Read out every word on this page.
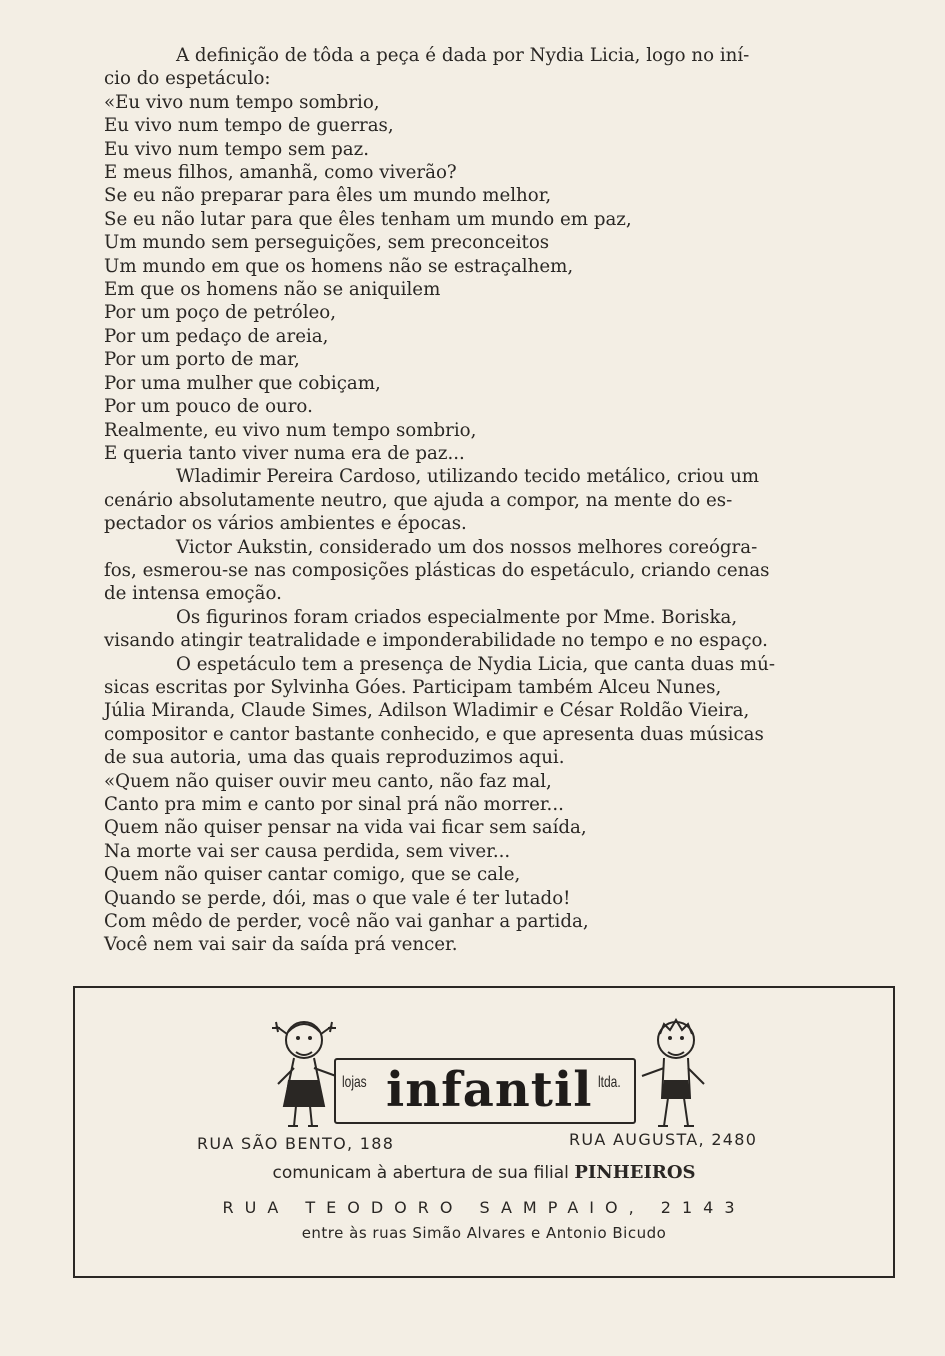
A definição de tôda a peça é dada por Nydia Licia, logo no iní-
cio do espetáculo:
«Eu vivo num tempo sombrio,
Eu vivo num tempo de guerras,
Eu vivo num tempo sem paz.
E meus filhos, amanhã, como viverão?
Se eu não preparar para êles um mundo melhor,
Se eu não lutar para que êles tenham um mundo em paz,
Um mundo sem perseguições, sem preconceitos
Um mundo em que os homens não se estraçalhem,
Em que os homens não se aniquilem
Por um poço de petróleo,
Por um pedaço de areia,
Por um porto de mar,
Por uma mulher que cobiçam,
Por um pouco de ouro.
Realmente, eu vivo num tempo sombrio,
E queria tanto viver numa era de paz...
Wladimir Pereira Cardoso, utilizando tecido metálico, criou um
cenário absolutamente neutro, que ajuda a compor, na mente do es-
pectador os vários ambientes e épocas.
Victor Aukstin, considerado um dos nossos melhores coreógra-
fos, esmerou-se nas composições plásticas do espetáculo, criando cenas
de intensa emoção.
Os figurinos foram criados especialmente por Mme. Boriska,
visando atingir teatralidade e imponderabilidade no tempo e no espaço.
O espetáculo tem a presença de Nydia Licia, que canta duas mú-
sicas escritas por Sylvinha Góes. Participam também Alceu Nunes,
Júlia Miranda, Claude Simes, Adilson Wladimir e César Roldão Vieira,
compositor e cantor bastante conhecido, e que apresenta duas músicas
de sua autoria, uma das quais reproduzimos aqui.
«Quem não quiser ouvir meu canto, não faz mal,
Canto pra mim e canto por sinal prá não morrer...
Quem não quiser pensar na vida vai ficar sem saída,
Na morte vai ser causa perdida, sem viver...
Quem não quiser cantar comigo, que se cale,
Quando se perde, dói, mas o que vale é ter lutado!
Com mêdo de perder, você não vai ganhar a partida,
Você nem vai sair da saída prá vencer.
lojas infantil ltda.
RUA SÃO BENTO, 188	RUA AUGUSTA, 2480
comunicam à abertura de sua filial PINHEIROS
RUA TEODORO SAMPAIO, 2143
entre às ruas Simão Alvares e Antonio Bicudo
